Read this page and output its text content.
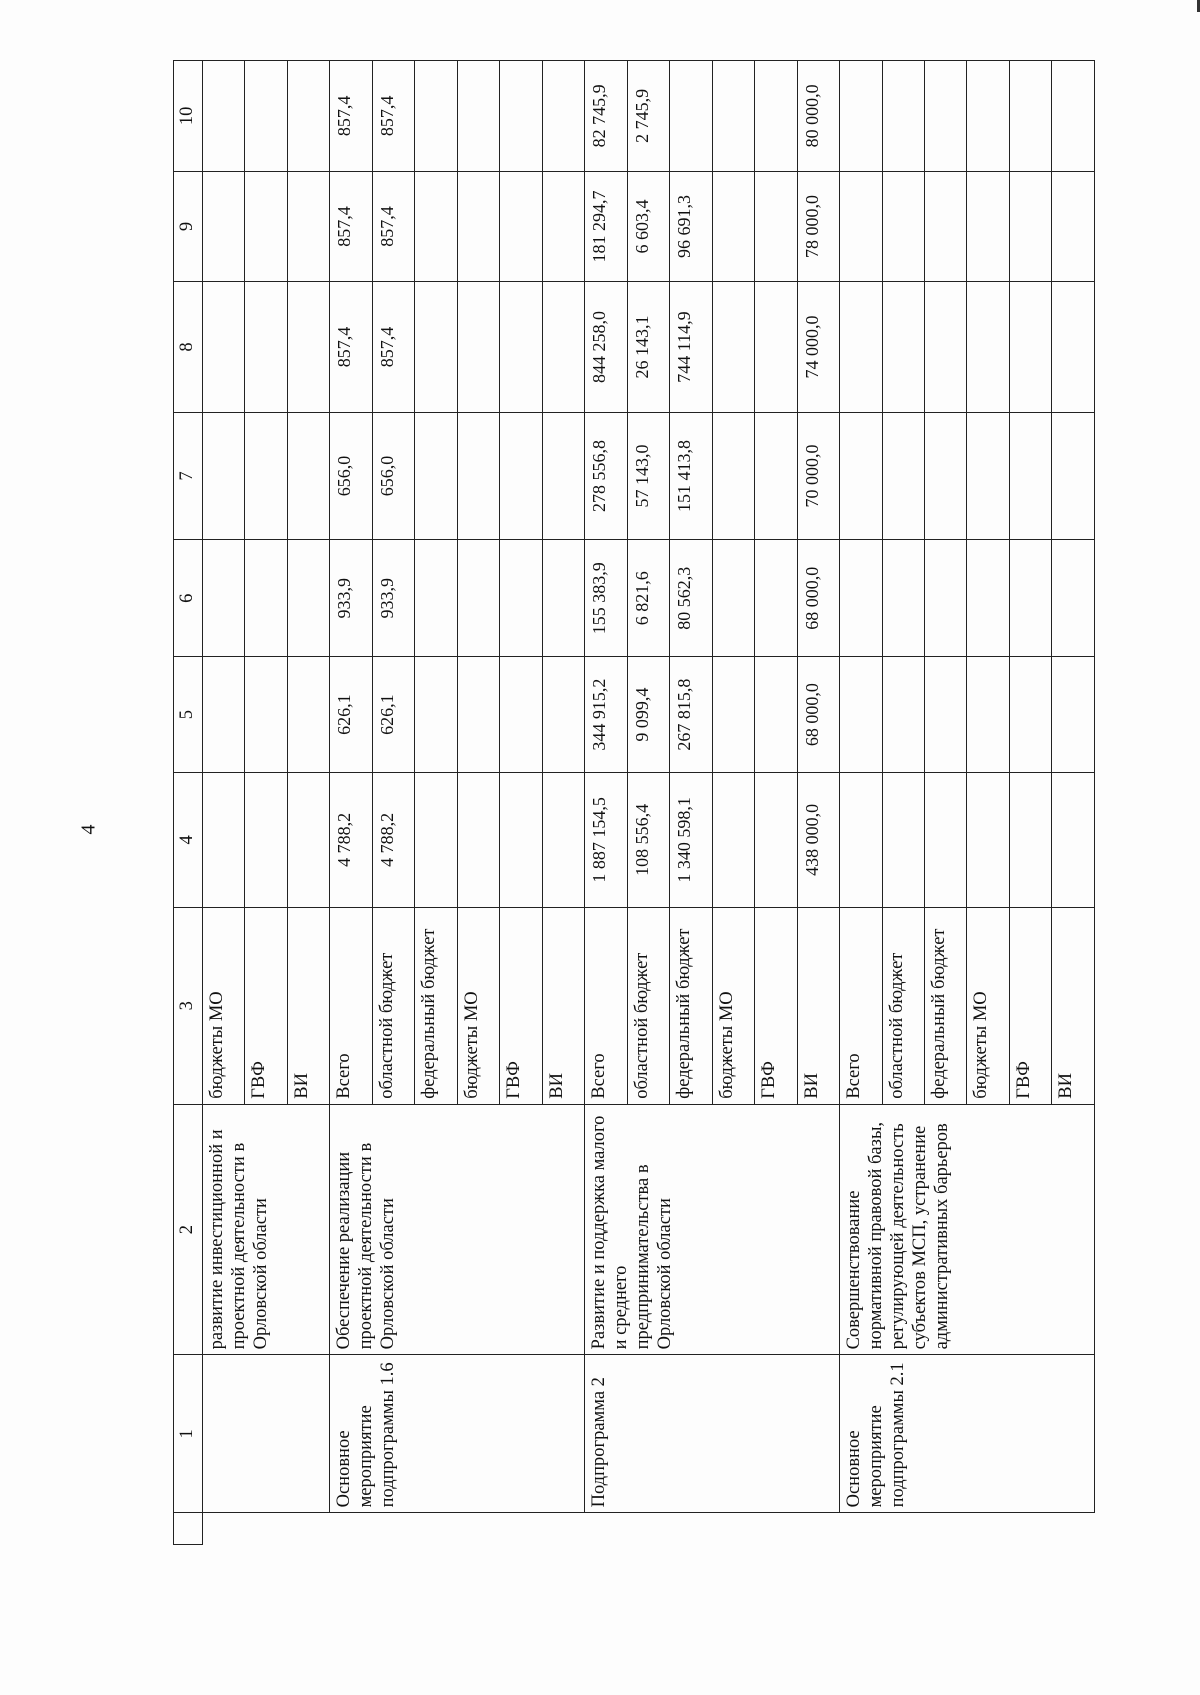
4
	1	2	3	4	5	6	7	8	9	10
		развитие инвестиционной и проектной деятельности в Орловской области	бюджеты МО							
			ГВФ							
			ВИ							
	Основное мероприятие подпрограммы 1.6	Обеспечение реализации проектной деятельности в Орловской области	Всего	4 788,2	626,1	933,9	656,0	857,4	857,4	857,4
			областной бюджет	4 788,2	626,1	933,9	656,0	857,4	857,4	857,4
			федеральный бюджет							
			бюджеты МО							
			ГВФ							
			ВИ							
	Подпрограмма 2	Развитие и поддержка малого и среднего предпринимательства в Орловской области	Всего	1 887 154,5	344 915,2	155 383,9	278 556,8	844 258,0	181 294,7	82 745,9
			областной бюджет	108 556,4	9 099,4	6 821,6	57 143,0	26 143,1	6 603,4	2 745,9
			федеральный бюджет	1 340 598,1	267 815,8	80 562,3	151 413,8	744 114,9	96 691,3	
			бюджеты МО							
			ГВФ							
			ВИ	438 000,0	68 000,0	68 000,0	70 000,0	74 000,0	78 000,0	80 000,0
	Основное мероприятие подпрограммы 2.1	Совершенствование нормативной правовой базы, регулирующей деятельность субъектов МСП, устранение административных барьеров	Всего							
			областной бюджет							
			федеральный бюджет							
			бюджеты МО							
			ГВФ							
			ВИ							
